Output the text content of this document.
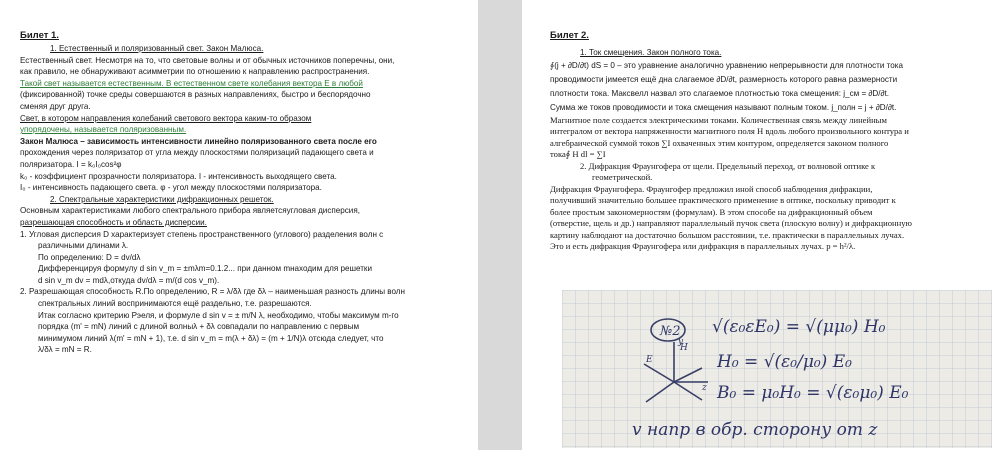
Билет 1.
1. Естественный и поляризованный свет. Закон Малюса.
Естественный свет. Несмотря на то, что световые волны и от обычных источников поперечны, они,
как правило, не обнаруживают асимметрии по отношению к направлению распространения.
Такой свет называется естественным. В естественном свете колебания вектора E в любой
(фиксированной) точке среды совершаются в разных направлениях, быстро и беспорядочно
сменяя друг друга.
Свет, в котором направления колебаний светового вектора каким-то образом
упорядочены, называется поляризованным.
Закон Малюса – зависимость интенсивности линейно поляризованного света после его
прохождения через поляризатор от угла между плоскостями поляризаций падающего света и
поляризатора. I = k₀I₀cos²φ
k₀ - коэффициент прозрачности поляризатора. I - интенсивность выходящего света.
I₀ - интенсивность падающего света. φ - угол между плоскостями поляризатора.
2. Спектральные характеристики дифракционных решеток.
Основным характеристиками любого спектрального прибора являетсяугловая дисперсия,
разрешающая способность и область дисперсии.
1. Угловая дисперсия D характеризует степень пространственного (углового) разделения волн с
различными длинами λ.
По определению: D = dv/dλ
Дифференцируя формулу d sin v_m = ±mλm=0.1.2... при данном mнаходим для решетки
d sin v_m dv = mdλ,откуда dv/dλ = m/(d cos v_m).
2. Разрешающая способность R.По определению, R = λ/δλ где δλ – наименьшая разность длины волн
спектральных линий воспринимаются ещё раздельно, т.е. разрешаются.
Итак согласно критерию Рэеля, и формуле d sin v = ± m/N λ, необходимо, чтобы максимум m-го
порядка (m' = mN) линий с длиной волныλ + δλ совпадали по направлению с первым
минимумом линий λ(m' = mN + 1), т.е. d sin v_m = m(λ + δλ) = (m + 1/N)λ отсюда следует, что
λ/δλ = mN = R.
Билет 2.
1. Ток смещения. Закон полного тока.
∮(j + ∂D/∂t) dS = 0 – это уравнение аналогично уравнению непрерывности для плотности тока
проводимости jимеется ещё дна слагаемое ∂D/∂t, размерность которого равна размерности
плотности тока. Максвелл назвал это слагаемое плотностью тока смещения: j_см = ∂D/∂t.
Сумма же токов проводимости и тока смещения называют полным током. j_полн = j + ∂D/∂t.
Магнитное поле создается электрическими токами. Количественная связь между линейным
интегралом от вектора напряженности магнитного поля H вдоль любого произвольного контура и
алгебраической суммой токов ∑I охваченных этим контуром, определяется законом полного
тока∮ H dl = ∑I
2. Дифракция Фраунгофера от щели. Предельный переход, от волновой оптике к
геометрической.
Дифракция Фраунгофера. Фраунгофер предложил иной способ наблюдения дифракции,
получивший значительно большее практического применение в оптике, поскольку приводит к
более простым закономерностям (формулам). В этом способе на дифракционный объем
(отверстие, щель и др.) направляют параллельный пучок света (плоскую волну) и дифракционную
картину наблюдают на достаточно большом расстоянии, т.е. практически в параллельных лучах.
Это и есть дифракция Фраунгофера или дифракция в параллельных лучах. p = h²/λ.
№2 √(ε₀εE₀) = √(μμ₀) H₀
H₀ = √(ε₀/μ₀) E₀
B₀ = μ₀H₀ = √(ε₀μ₀) E₀
v напр в обр. сторону от z
H
E
z
y
